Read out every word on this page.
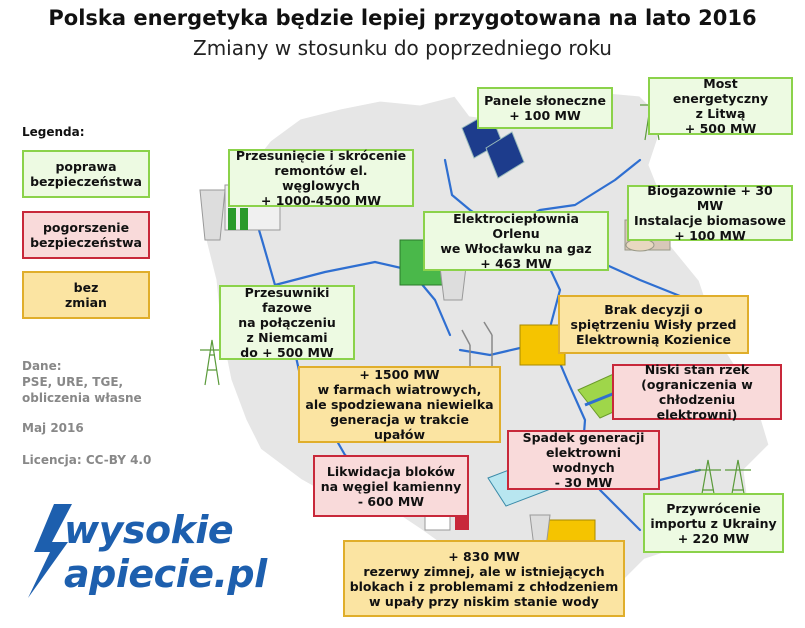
Polska energetyka będzie lepiej przygotowana na lato 2016
Zmiany w stosunku do poprzedniego roku
Legenda:
poprawa
bezpieczeństwa
pogorszenie
bezpieczeństwa
bez
zmian
Dane:
PSE, URE, TGE,
obliczenia własne
Maj 2016
Licencja: CC-BY 4.0
wysokie
apiecie.pl
Panele słoneczne
+ 100 MW
Most energetyczny
z Litwą
+ 500 MW
Przesunięcie i skrócenie
remontów el. węglowych
+ 1000-4500 MW
Biogazownie + 30 MW
Instalacje biomasowe
+ 100 MW
Elektrociepłownia Orlenu
we Włocławku na gaz
+ 463 MW
Przesuwniki fazowe
na połączeniu
z Niemcami
do + 500 MW
Brak decyzji o
spiętrzeniu Wisły przed
Elektrownią Kozienice
+ 1500 MW
w farmach wiatrowych,
ale spodziewana niewielka
generacja w trakcie upałów
Niski stan rzek
(ograniczenia w
chłodzeniu elektrowni)
Spadek generacji
elektrowni wodnych
- 30 MW
Likwidacja bloków
na węgiel kamienny
- 600 MW	Przywrócenie
importu z Ukrainy
+ 220 MW
+ 830 MW
rezerwy zimnej, ale w istniejących
blokach i z problemami z chłodzeniem
w upały przy niskim stanie wody
